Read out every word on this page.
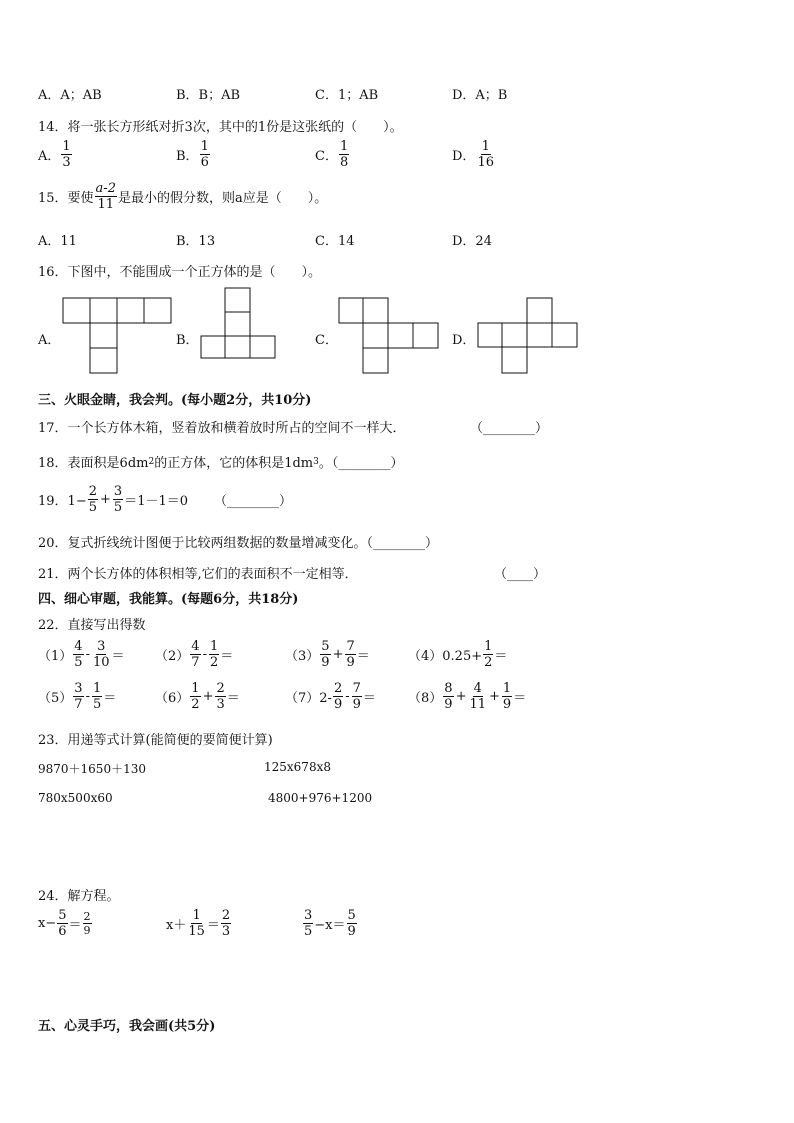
A．A；AB	B．B；AB	C．1；AB	D．A；B
14．将一张长方形纸对折3次，其中的1份是这张纸的（　　）。
A． $\frac{1}{3}$	B． $\frac{1}{6}$	C． $\frac{1}{8}$	D． $\frac{1}{16}$
15．要使 $\frac{a-2}{11}$ 是最小的假分数，则a应是（　　）。
A．11	B．13	C．14	D．24
16．下图中，不能围成一个正方体的是（　　）。
A．	B．	C．	D．
三、火眼金睛，我会判。(每小题2分，共10分)
17．一个长方体木箱，竖着放和横着放时所占的空间不一样大．	（________）
18．表面积是6dm 2 的正方体，它的体积是1dm 3 。（________）
19．$1- \frac{2}{5} + \frac{3}{5} =1-1=0$ （________）
20．复式折线统计图便于比较两组数据的数量增减变化。（________）
21．两个长方体的体积相等,它们的表面积不一定相等．	（____）
四、细心审题，我能算。(每题6分，共18分)
22．直接写出得数
$(1) \frac{4}{5} - \frac{3}{10} = (2) \frac{4}{7} - \frac{1}{2}$ ＝	$(3) \frac{5}{9} + \frac{7}{9}$ ＝	$(4)0.25+ \frac{1}{2}$ ＝
$(5) \frac{3}{7} - \frac{1}{5}$ ＝	$(6) \frac{1}{2} + \frac{2}{3}$ ＝	$(7)2- \frac{2}{9} - \frac{7}{9} = (8) \frac{8}{9} + \frac{4}{11} + \frac{1}{9}$ ＝
23．用递等式计算(能简便的要简便计算)
9870＋1650＋130	125x678x8
780x500x60	4800+976+1200
24．解方程。
$x- \frac{5}{6} = \frac{2}{9}$	$x+ \frac{1}{15} = \frac{2}{3}$	$\frac{3}{5} -x= \frac{5}{9}$
五、心灵手巧，我会画(共5分)
